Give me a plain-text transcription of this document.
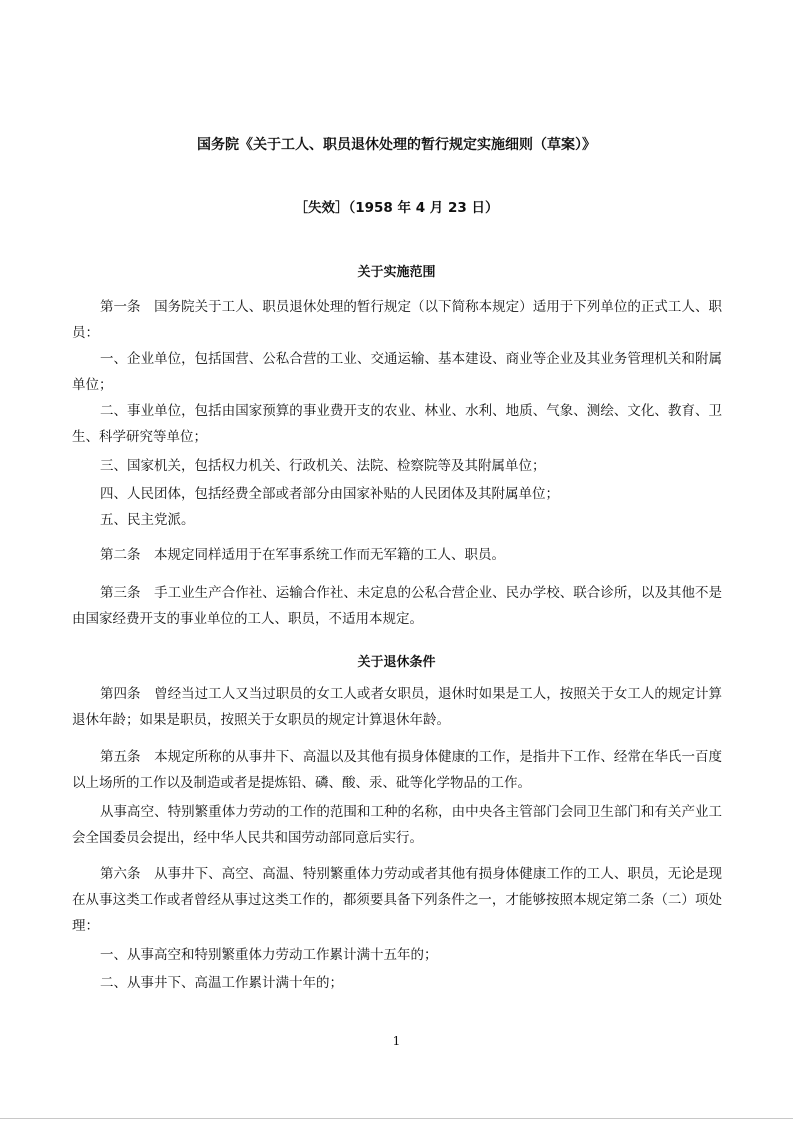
国务院《关于工人、职员退休处理的暂行规定实施细则（草案）》
［失效］（1958 年 4 月 23 日）
关于实施范围
第一条　国务院关于工人、职员退休处理的暂行规定（以下简称本规定）适用于下列单位的正式工人、职员：
一、企业单位，包括国营、公私合营的工业、交通运输、基本建设、商业等企业及其业务管理机关和附属单位；
二、事业单位，包括由国家预算的事业费开支的农业、林业、水利、地质、气象、测绘、文化、教育、卫生、科学研究等单位；
三、国家机关，包括权力机关、行政机关、法院、检察院等及其附属单位；
四、人民团体，包括经费全部或者部分由国家补贴的人民团体及其附属单位；
五、民主党派。
第二条　本规定同样适用于在军事系统工作而无军籍的工人、职员。
第三条　手工业生产合作社、运输合作社、未定息的公私合营企业、民办学校、联合诊所，以及其他不是由国家经费开支的事业单位的工人、职员，不适用本规定。
关于退休条件
第四条　曾经当过工人又当过职员的女工人或者女职员，退休时如果是工人，按照关于女工人的规定计算退休年龄；如果是职员，按照关于女职员的规定计算退休年龄。
第五条　本规定所称的从事井下、高温以及其他有损身体健康的工作，是指井下工作、经常在华氏一百度以上场所的工作以及制造或者是提炼铅、磷、酸、汞、砒等化学物品的工作。
从事高空、特别繁重体力劳动的工作的范围和工种的名称，由中央各主管部门会同卫生部门和有关产业工会全国委员会提出，经中华人民共和国劳动部同意后实行。
第六条　从事井下、高空、高温、特别繁重体力劳动或者其他有损身体健康工作的工人、职员，无论是现在从事这类工作或者曾经从事过这类工作的，都须要具备下列条件之一，才能够按照本规定第二条（二）项处理：
一、从事高空和特别繁重体力劳动工作累计满十五年的；
二、从事井下、高温工作累计满十年的；
1
